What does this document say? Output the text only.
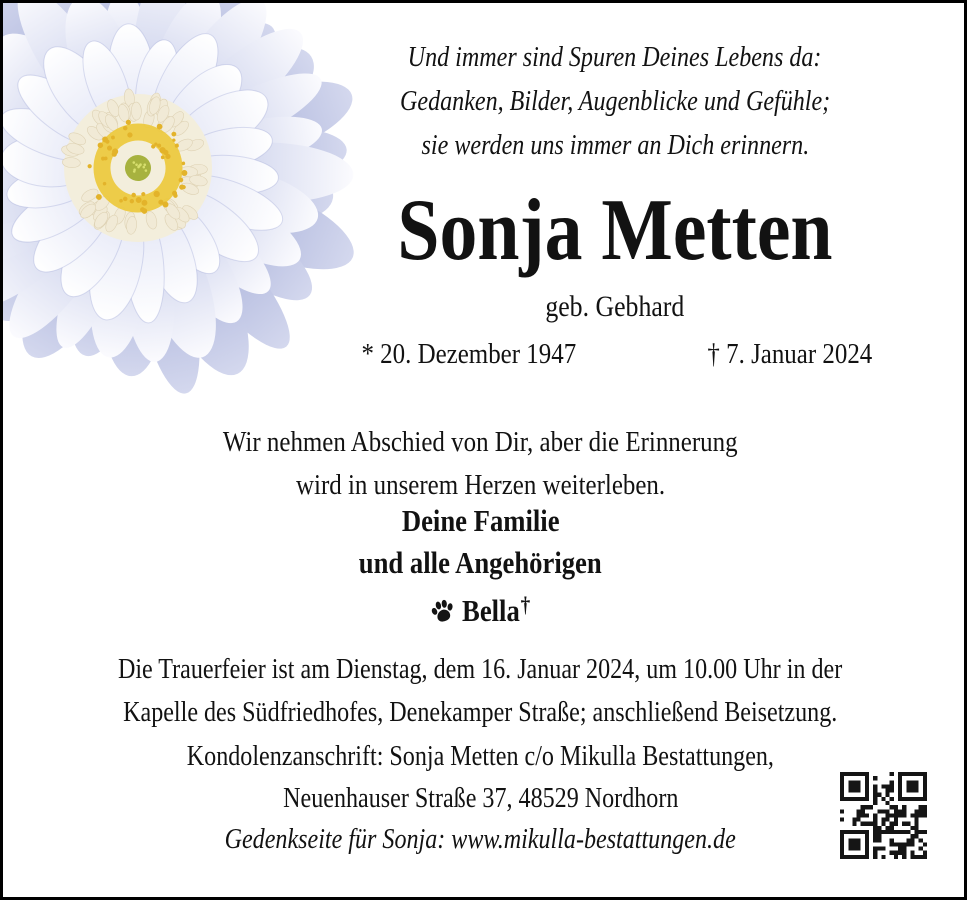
Und immer sind Spuren Deines Lebens da:
Gedanken, Bilder, Augenblicke und Gefühle;
sie werden uns immer an Dich erinnern.
Sonja Metten
geb. Gebhard
* 20. Dezember 1947	† 7. Januar 2024
Wir nehmen Abschied von Dir, aber die Erinnerung
wird in unserem Herzen weiterleben.
Deine Familie
und alle Angehörigen
Bella†
Die Trauerfeier ist am Dienstag, dem 16. Januar 2024, um 10.00 Uhr in der
Kapelle des Südfriedhofes, Denekamper Straße; anschließend Beisetzung.
Kondolenzanschrift: Sonja Metten c/o Mikulla Bestattungen,
Neuenhauser Straße 37, 48529 Nordhorn
Gedenkseite für Sonja: www.mikulla-bestattungen.de
